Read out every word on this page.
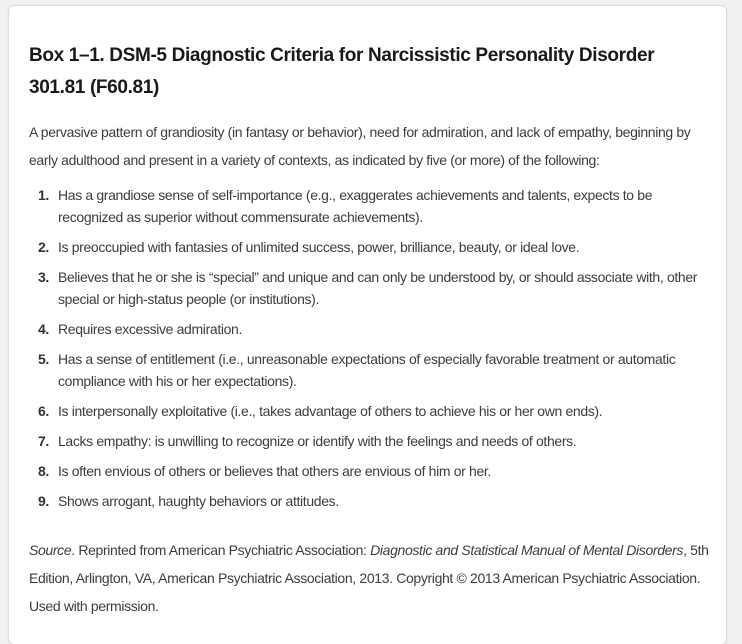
Box 1–1. DSM-5 Diagnostic Criteria for Narcissistic Personality Disorder 301.81 (F60.81)

A pervasive pattern of grandiosity (in fantasy or behavior), need for admiration, and lack of empathy, beginning by early adulthood and present in a variety of contexts, as indicated by five (or more) of the following:

1. Has a grandiose sense of self-importance (e.g., exaggerates achievements and talents, expects to be recognized as superior without commensurate achievements).
2. Is preoccupied with fantasies of unlimited success, power, brilliance, beauty, or ideal love.
3. Believes that he or she is “special” and unique and can only be understood by, or should associate with, other special or high-status people (or institutions).
4. Requires excessive admiration.
5. Has a sense of entitlement (i.e., unreasonable expectations of especially favorable treatment or automatic compliance with his or her expectations).
6. Is interpersonally exploitative (i.e., takes advantage of others to achieve his or her own ends).
7. Lacks empathy: is unwilling to recognize or identify with the feelings and needs of others.
8. Is often envious of others or believes that others are envious of him or her.
9. Shows arrogant, haughty behaviors or attitudes.

Source. Reprinted from American Psychiatric Association: Diagnostic and Statistical Manual of Mental Disorders, 5th Edition, Arlington, VA, American Psychiatric Association, 2013. Copyright © 2013 American Psychiatric Association. Used with permission.
